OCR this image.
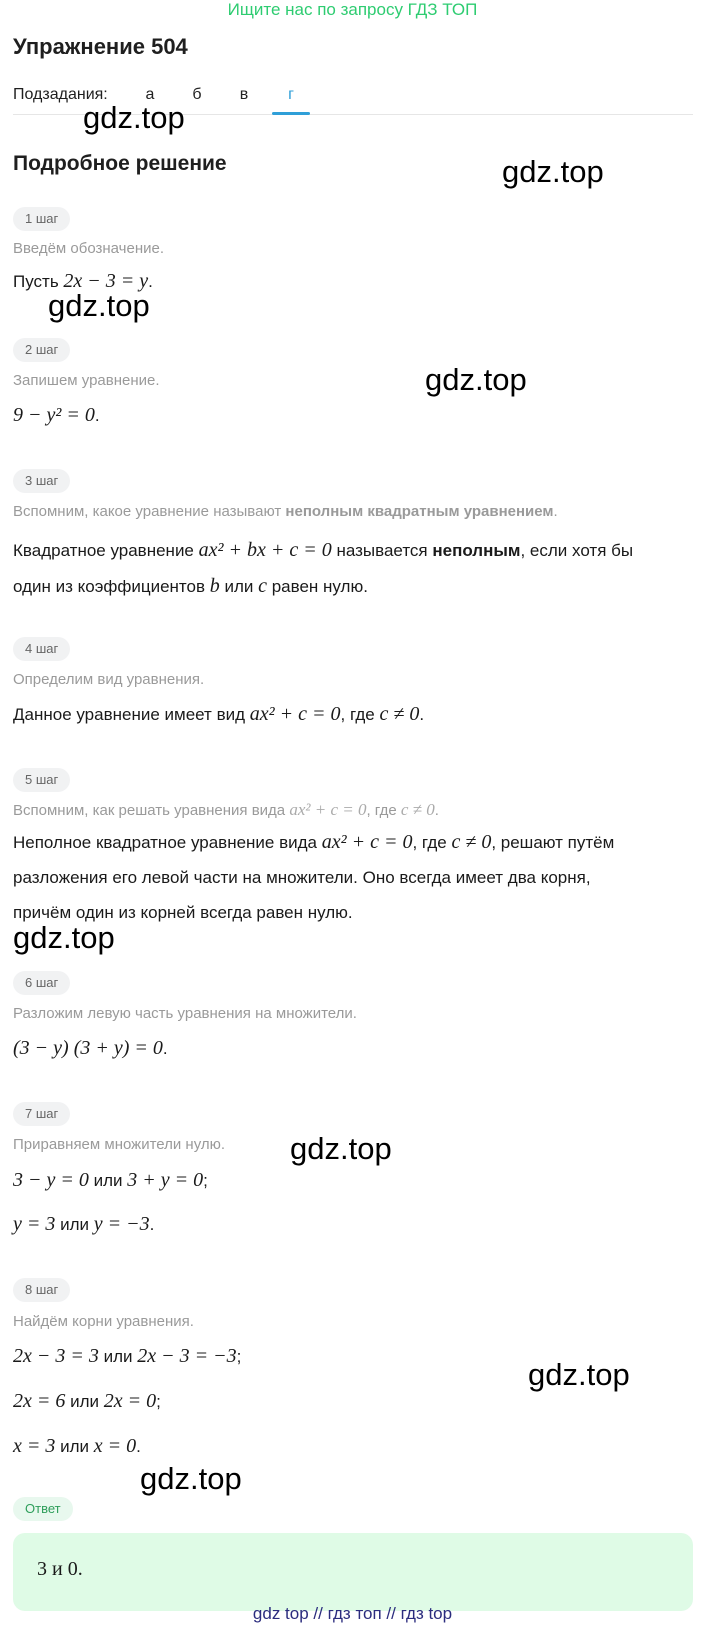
Ищите нас по запросу ГДЗ ТОП
Упражнение 504
Подзадания:	а	б	в	г
Подробное решение
gdz.top
gdz.top
gdz.top
gdz.top
gdz.top
gdz.top
gdz.top
gdz.top
1 шаг
Введём обозначение.
Пусть 2x − 3 = y.
2 шаг
Запишем уравнение.
9 − y² = 0.
3 шаг
Вспомним, какое уравнение называют неполным квадратным уравнением.
Квадратное уравнение ax² + bx + c = 0 называется неполным, если хотя бы
один из коэффициентов b или c равен нулю.
4 шаг
Определим вид уравнения.
Данное уравнение имеет вид ax² + c = 0, где c ≠ 0.
5 шаг
Вспомним, как решать уравнения вида ax² + c = 0, где c ≠ 0.
Неполное квадратное уравнение вида ax² + c = 0, где c ≠ 0, решают путём
разложения его левой части на множители. Оно всегда имеет два корня,
причём один из корней всегда равен нулю.
6 шаг
Разложим левую часть уравнения на множители.
(3 − y) (3 + y) = 0.
7 шаг
Приравняем множители нулю.
3 − y = 0 или 3 + y = 0;
y = 3 или y = −3.
8 шаг
Найдём корни уравнения.
2x − 3 = 3 или 2x − 3 = −3;
2x = 6 или 2x = 0;
x = 3 или x = 0.
Ответ
3 и 0.
gdz top // гдз топ // гдз top
